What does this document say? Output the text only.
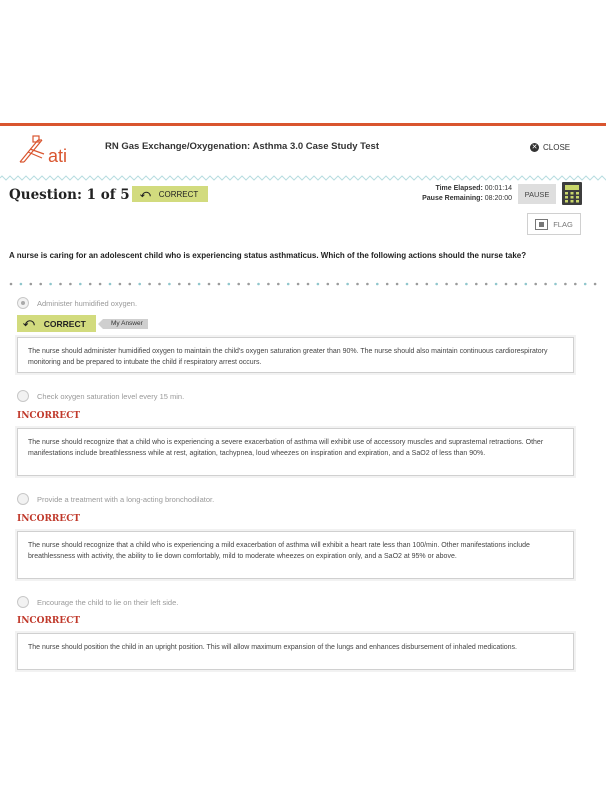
ati	RN Gas Exchange/Oxygenation: Asthma 3.0 Case Study Test	✕ CLOSE
Question: 1 of 5 ⤺ CORRECT
Time Elapsed: 00:01:14
Pause Remaining: 08:20:00	PAUSE
FLAG
A nurse is caring for an adolescent child who is experiencing status asthmaticus. Which of the following actions should the nurse take?
Administer humidified oxygen.
⤺ CORRECT	My Answer
The nurse should administer humidified oxygen to maintain the child's oxygen saturation greater than 90%. The nurse should also maintain continuous cardiorespiratory monitoring and be prepared to intubate the child if respiratory arrest occurs.
Check oxygen saturation level every 15 min.
INCORRECT
The nurse should recognize that a child who is experiencing a severe exacerbation of asthma will exhibit use of accessory muscles and suprasternal retractions. Other manifestations include breathlessness while at rest, agitation, tachypnea, loud wheezes on inspiration and expiration, and a SaO2 of less than 90%.
Provide a treatment with a long-acting bronchodilator.
INCORRECT
The nurse should recognize that a child who is experiencing a mild exacerbation of asthma will exhibit a heart rate less than 100/min. Other manifestations include breathlessness with activity, the ability to lie down comfortably, mild to moderate wheezes on expiration only, and a SaO2 at 95% or above.
Encourage the child to lie on their left side.
INCORRECT
The nurse should position the child in an upright position. This will allow maximum expansion of the lungs and enhances disbursement of inhaled medications.
